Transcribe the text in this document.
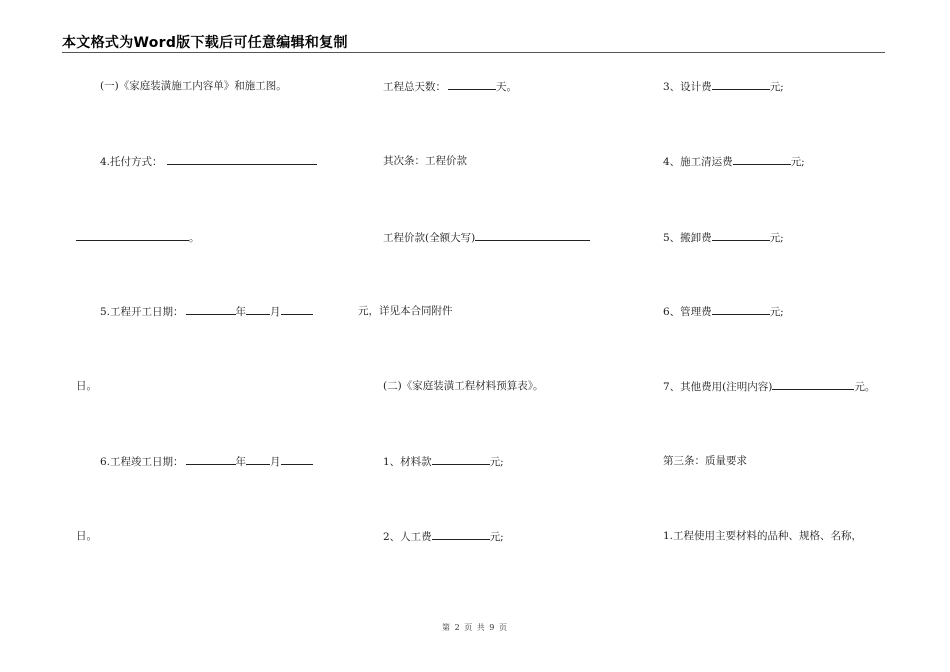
本文格式为Word版下载后可任意编辑和复制
(一)《家庭装潢施工内容单》和施工图。
4.托付方式：
。
5.工程开工日期：	年 月
日。
6.工程竣工日期：	年 月
日。
工程总天数：	天。
其次条：工程价款
工程价款(全额大写)
元，详见本合同附件
(二)《家庭装潢工程材料预算表》。
1、材料款	元;
2、人工费	元;
3、设计费	元;
4、施工清运费	元;
5、搬卸费	元;
6、管理费	元;
7、其他费用(注明内容)	元。
第三条：质量要求
1.工程使用主要材料的品种、规格、名称，
第 2 页 共 9 页
